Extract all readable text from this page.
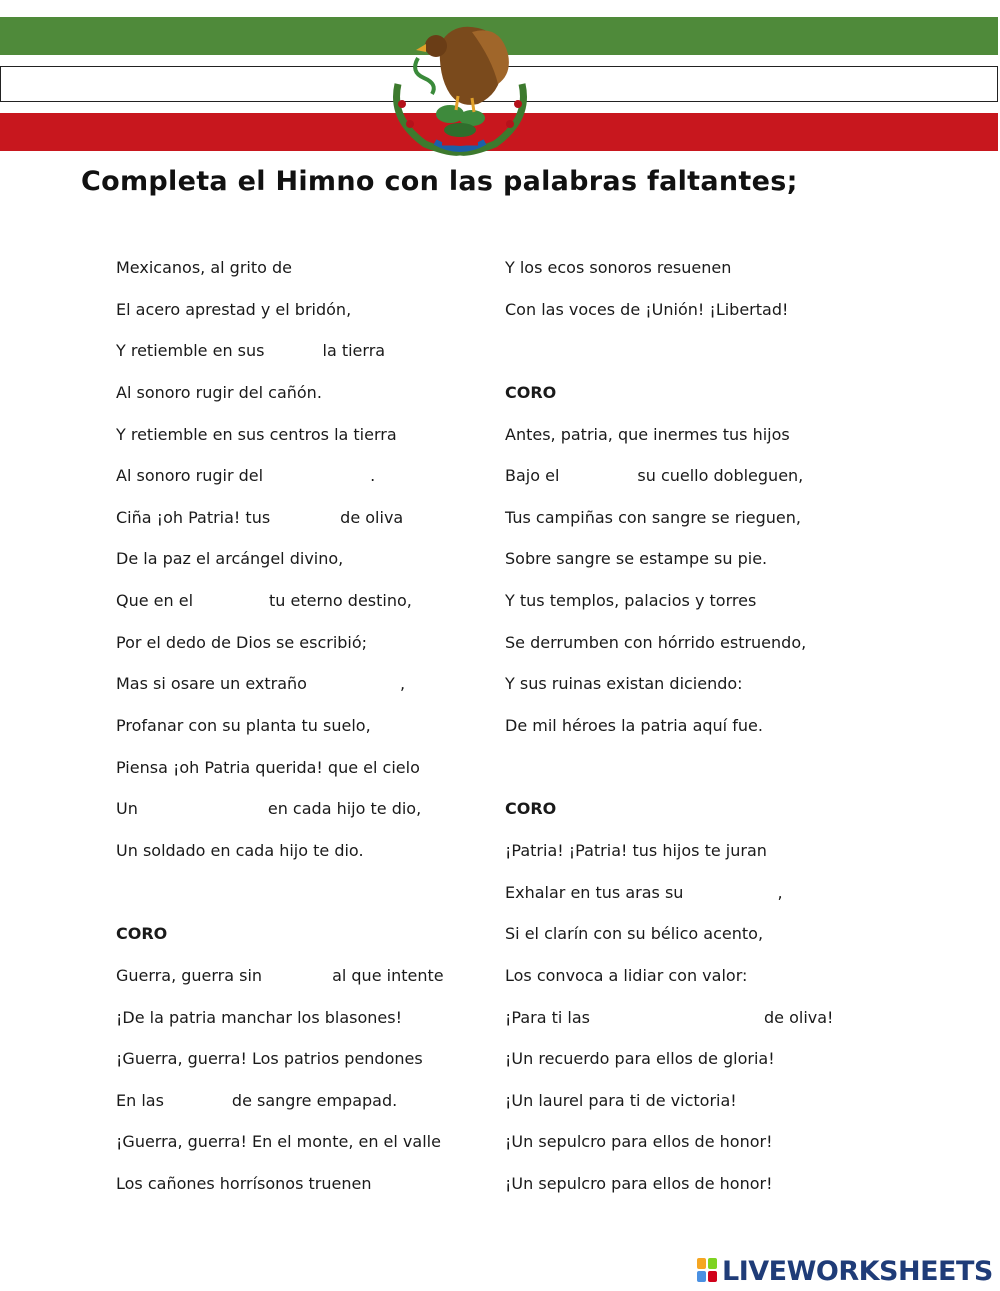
Completa el Himno con las palabras faltantes;
Mexicanos, al grito de
El acero aprestad y el bridón,
Y retiemble en sus	la tierra
Al sonoro rugir del cañón.
Y retiemble en sus centros la tierra
Al sonoro rugir del	.
Ciña ¡oh Patria! tus	de oliva
De la paz el arcángel divino,
Que en el	tu eterno destino,
Por el dedo de Dios se escribió;
Mas si osare un extraño	,
Profanar con su planta tu suelo,
Piensa ¡oh Patria querida! que el cielo
Un	en cada hijo te dio,
Un soldado en cada hijo te dio.
CORO
Guerra, guerra sin	al que intente
¡De la patria manchar los blasones!
¡Guerra, guerra! Los patrios pendones
En las	de sangre empapad.
¡Guerra, guerra! En el monte, en el valle
Los cañones horrísonos truenen
Y los ecos sonoros resuenen
Con las voces de ¡Unión! ¡Libertad!
CORO
Antes, patria, que inermes tus hijos
Bajo el	su cuello dobleguen,
Tus campiñas con sangre se rieguen,
Sobre sangre se estampe su pie.
Y tus templos, palacios y torres
Se derrumben con hórrido estruendo,
Y sus ruinas existan diciendo:
De mil héroes la patria aquí fue.
CORO
¡Patria! ¡Patria! tus hijos te juran
Exhalar en tus aras su	,
Si el clarín con su bélico acento,
Los convoca a lidiar con valor:
¡Para ti las	de oliva!
¡Un recuerdo para ellos de gloria!
¡Un laurel para ti de victoria!
¡Un sepulcro para ellos de honor!
¡Un sepulcro para ellos de honor!
LIVEWORKSHEETS
